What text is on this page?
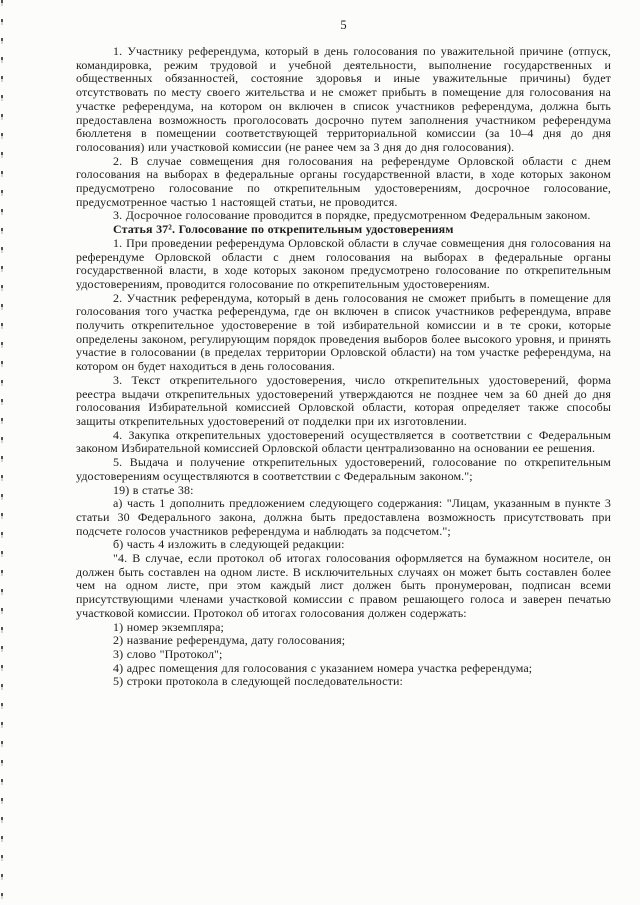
5

1. Участнику референдума, который в день голосования по уважительной причине (отпуск, командировка, режим трудовой и учебной деятельности, выполнение государственных и общественных обязанностей, состояние здоровья и иные уважительные причины) будет отсутствовать по месту своего жительства и не сможет прибыть в помещение для голосования на участке референдума, на котором он включен в список участников референдума, должна быть предоставлена возможность проголосовать досрочно путем заполнения участником референдума бюллетеня в помещении соответствующей территориальной комиссии (за 10–4 дня до дня голосования) или участковой комиссии (не ранее чем за 3 дня до дня голосования).

2. В случае совмещения дня голосования на референдуме Орловской области с днем голосования на выборах в федеральные органы государственной власти, в ходе которых законом предусмотрено голосование по открепительным удостоверениям, досрочное голосование, предусмотренное частью 1 настоящей статьи, не проводится.

3. Досрочное голосование проводится в порядке, предусмотренном Федеральным законом.

Статья 37². Голосование по открепительным удостоверениям

1. При проведении референдума Орловской области в случае совмещения дня голосования на референдуме Орловской области с днем голосования на выборах в федеральные органы государственной власти, в ходе которых законом предусмотрено голосование по открепительным удостоверениям, проводится голосование по открепительным удостоверениям.

2. Участник референдума, который в день голосования не сможет прибыть в помещение для голосования того участка референдума, где он включен в список участников референдума, вправе получить открепительное удостоверение в той избирательной комиссии и в те сроки, которые определены законом, регулирующим порядок проведения выборов более высокого уровня, и принять участие в голосовании (в пределах территории Орловской области) на том участке референдума, на котором он будет находиться в день голосования.

3. Текст открепительного удостоверения, число открепительных удостоверений, форма реестра выдачи открепительных удостоверений утверждаются не позднее чем за 60 дней до дня голосования Избирательной комиссией Орловской области, которая определяет также способы защиты открепительных удостоверений от подделки при их изготовлении.

4. Закупка открепительных удостоверений осуществляется в соответствии с Федеральным законом Избирательной комиссией Орловской области централизованно на основании ее решения.

5. Выдача и получение открепительных удостоверений, голосование по открепительным удостоверениям осуществляются в соответствии с Федеральным законом.";

19) в статье 38:

а) часть 1 дополнить предложением следующего содержания: "Лицам, указанным в пункте 3 статьи 30 Федерального закона, должна быть предоставлена возможность присутствовать при подсчете голосов участников референдума и наблюдать за подсчетом.";

б) часть 4 изложить в следующей редакции:

"4. В случае, если протокол об итогах голосования оформляется на бумажном носителе, он должен быть составлен на одном листе. В исключительных случаях он может быть составлен более чем на одном листе, при этом каждый лист должен быть пронумерован, подписан всеми присутствующими членами участковой комиссии с правом решающего голоса и заверен печатью участковой комиссии. Протокол об итогах голосования должен содержать:

1) номер экземпляра;

2) название референдума, дату голосования;

3) слово "Протокол";

4) адрес помещения для голосования с указанием номера участка референдума;

5) строки протокола в следующей последовательности:
